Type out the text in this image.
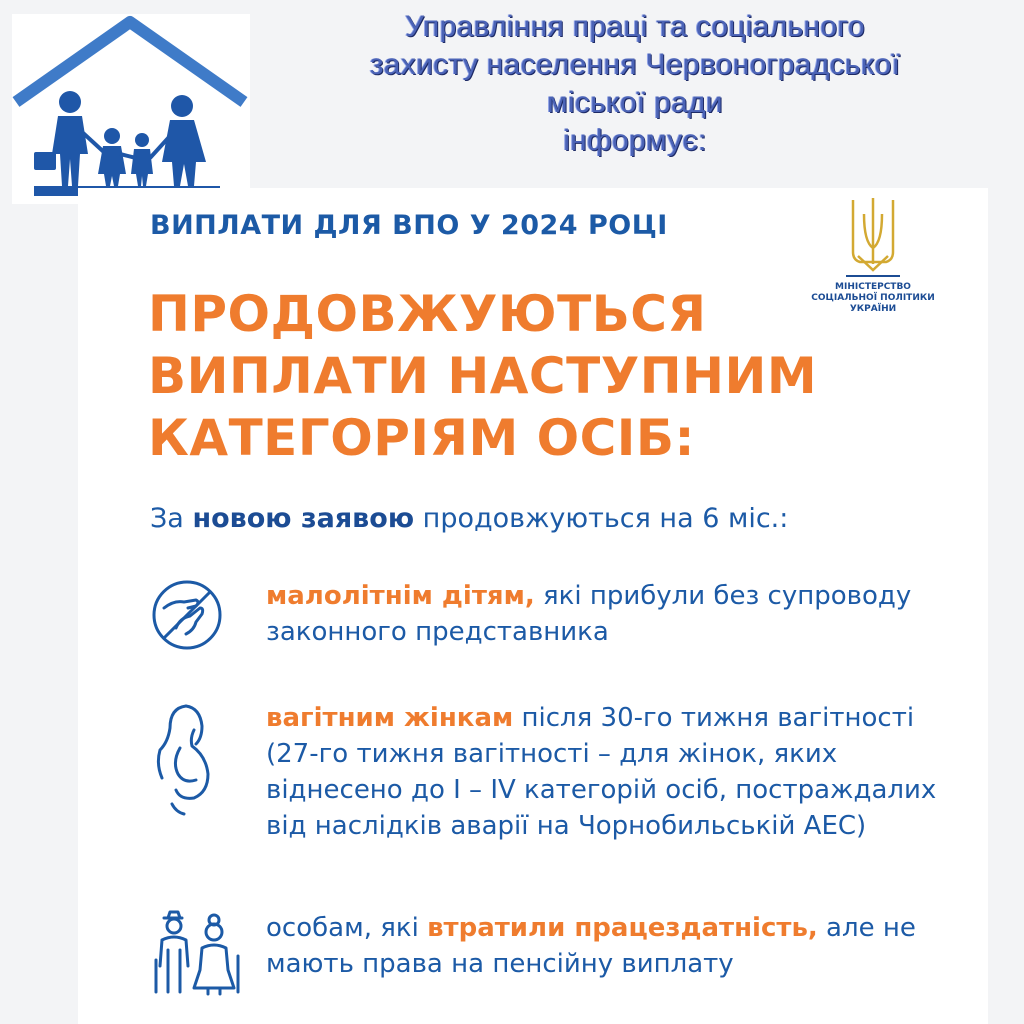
Управління праці та соціального
захисту населення Червоноградської
міської ради
інформує:
ВИПЛАТИ ДЛЯ ВПО У 2024 РОЦІ
МІНІСТЕРСТВО
СОЦІАЛЬНОЇ ПОЛІТИКИ
УКРАЇНИ
ПРОДОВЖУЮТЬСЯ
ВИПЛАТИ НАСТУПНИМ
КАТЕГОРІЯМ ОСІБ:
За новою заявою продовжуються на 6 міс.:
малолітнім дітям, які прибули без супроводу законного представника
вагітним жінкам після 30-го тижня вагітності (27-го тижня вагітності – для жінок, яких віднесено до I – IV категорій осіб, постраждалих від наслідків аварії на Чорнобильській АЕС)
особам, які втратили працездатність, але не мають права на пенсійну виплату
